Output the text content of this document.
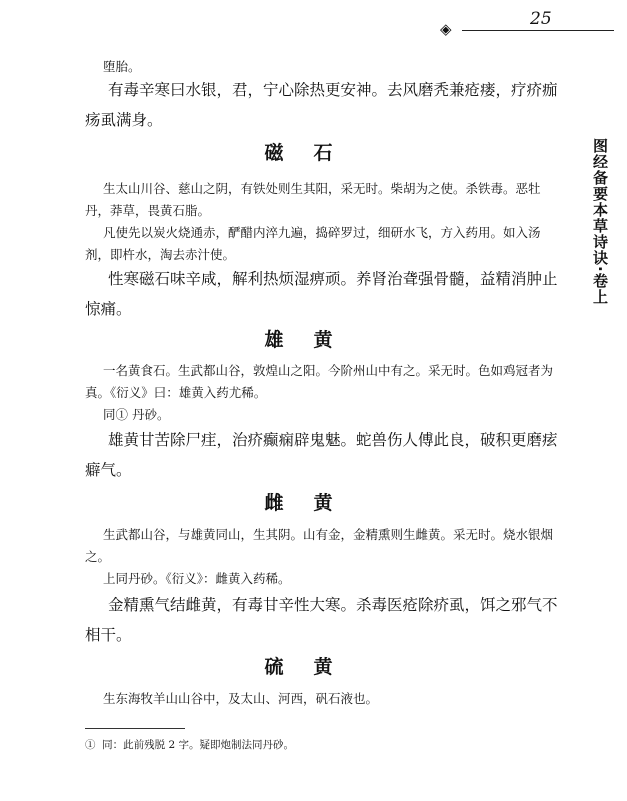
◈	25
图经备要本草诗诀·卷上

堕胎。

有毒辛寒曰水银，君，宁心除热更安神。去风磨秃兼疮瘘，疗疥痂疡虱满身。

磁石

生太山川谷、慈山之阴，有铁处则生其阳，采无时。柴胡为之使。杀铁毒。恶牡丹，莽草，畏黄石脂。

凡使先以炭火烧通赤，酽醋内淬九遍，捣碎罗过，细研水飞，方入药用。如入汤剂，即杵水，淘去赤汁使。

性寒磁石味辛咸，解利热烦湿痹顽。养肾治聋强骨髓，益精消肿止惊痛。

雄黄

一名黄食石。生武都山谷，敦煌山之阳。今阶州山中有之。采无时。色如鸡冠者为真。《衍义》曰：雄黄入药尤稀。

同① 丹砂。

雄黄甘苦除尸疰，治疥癫痫辟鬼魅。蛇兽伤人傅此良，破积更磨痃癖气。

雌黄

生武都山谷，与雄黄同山，生其阴。山有金，金精熏则生雌黄。采无时。烧水银烟之。

上同丹砂。《衍义》：雌黄入药稀。

金精熏气结雌黄，有毒甘辛性大寒。杀毒医疮除疥虱，饵之邪气不相干。

硫黄

生东海牧羊山山谷中，及太山、河西，矾石液也。

①  同：此前残脱 2 字。疑即炮制法同丹砂。
